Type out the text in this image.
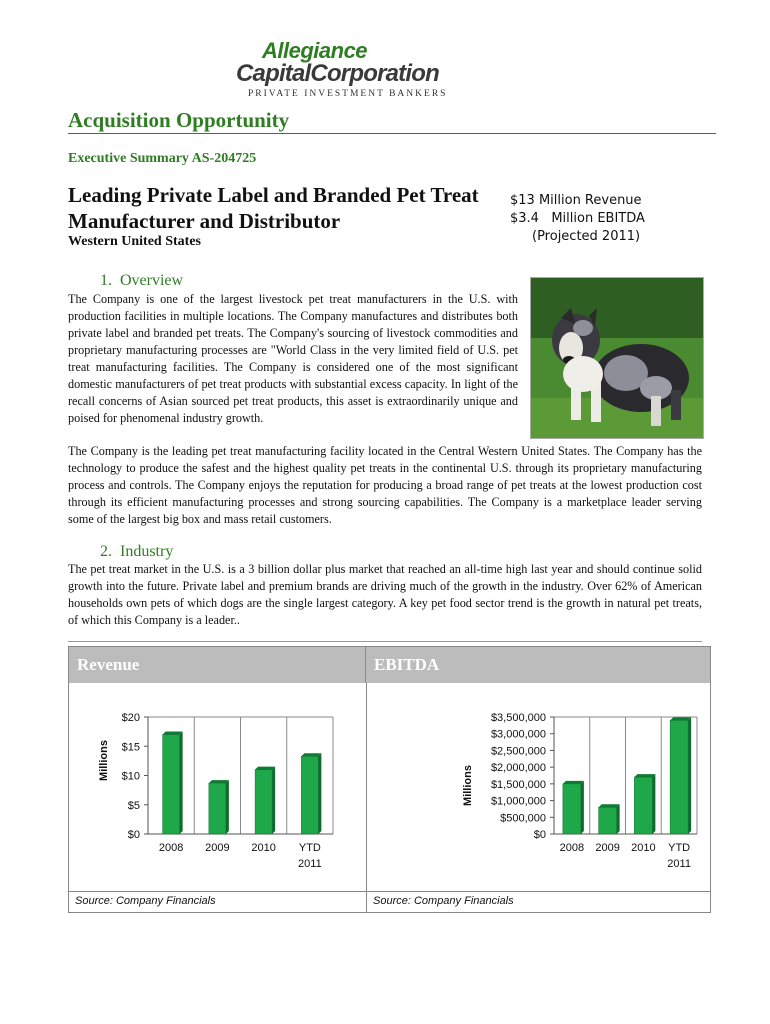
Allegiance
CapitalCorporation
PRIVATE INVESTMENT BANKERS
Acquisition Opportunity
Executive Summary AS-204725
Leading Private Label and Branded Pet Treat Manufacturer and Distributor
Western United States
$13 Million Revenue
$3.4   Million EBITDA
(Projected 2011)
1.  Overview
The Company is one of the largest livestock pet treat manufacturers in the U.S. with production facilities in multiple locations. The Company manufactures and distributes both private label and branded pet treats. The Company's sourcing of livestock commodities and proprietary manufacturing processes are "World Class in the very limited field of U.S. pet treat manufacturing facilities. The Company is considered one of the most significant domestic manufacturers of pet treat products with substantial excess capacity. In light of the recall concerns of Asian sourced pet treat products, this asset is extraordinarily unique and poised for phenomenal industry growth.
The Company is the leading pet treat manufacturing facility located in the Central Western United States. The Company has the technology to produce the safest and the highest quality pet treats in the continental U.S. through its proprietary manufacturing process and controls. The Company enjoys the reputation for producing a broad range of pet treats at the lowest production cost through its efficient manufacturing processes and strong sourcing capabilities. The Company is a marketplace leader serving some of the largest big box and mass retail customers.
2.  Industry
The pet treat market in the U.S. is a 3 billion dollar plus market that reached an all-time high last year and should continue solid growth into the future. Private label and premium brands are driving much of the growth in the industry. Over 62% of American households own pets of which dogs are the single largest category. A key pet food sector trend is the growth in natural pet treats, of which this Company is a leader..
Revenue	EBITDA
$0
$5
$10
$15
$20
Millions
2008 2009 2010 YTD
2011
$0
$500,000
$1,000,000
$1,500,000
$2,000,000
$2,500,000
$3,000,000
$3,500,000
Millions
2008 2009 2010 YTD
2011
Source: Company Financials	Source: Company Financials
